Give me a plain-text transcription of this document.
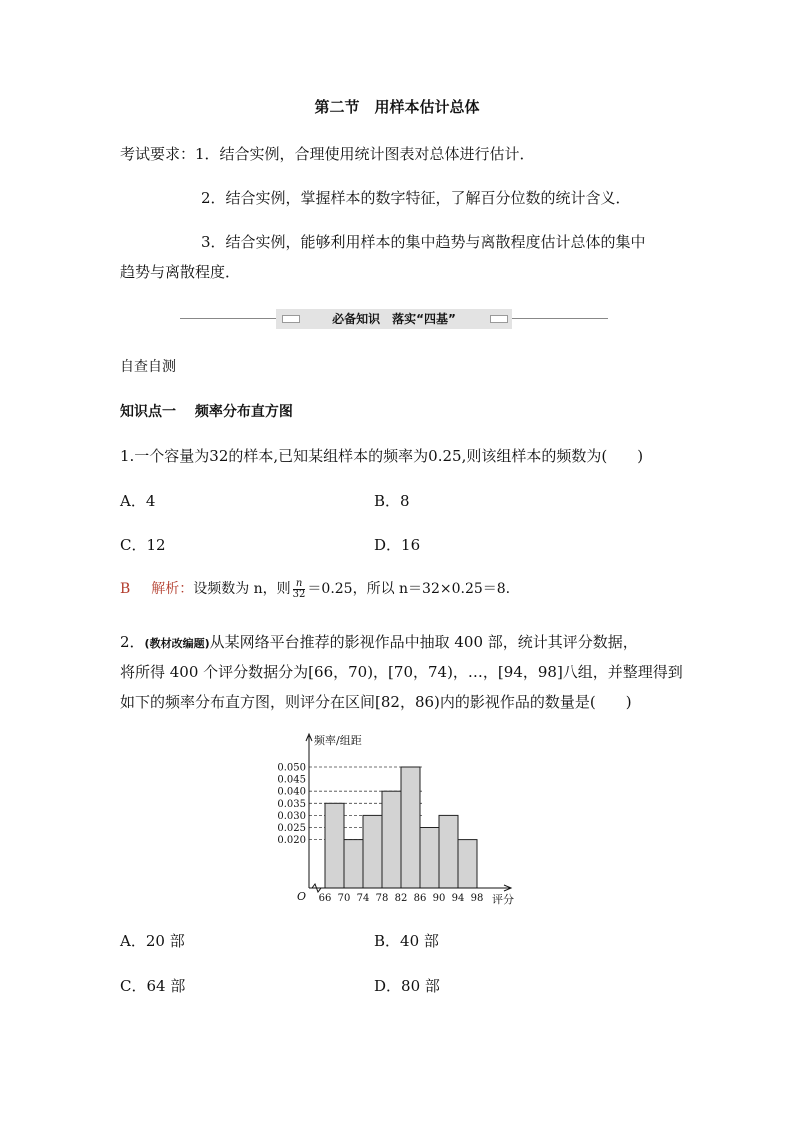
第二节　用样本估计总体
考试要求：1．结合实例，合理使用统计图表对总体进行估计．
2．结合实例，掌握样本的数字特征，了解百分位数的统计含义．
3．结合实例，能够利用样本的集中趋势与离散程度估计总体的集中
趋势与离散程度．
必备知识　落实“四基”
自查自测
知识点一　 频率分布直方图
1.一个容量为32的样本,已知某组样本的频率为0.25,则该组样本的频数为(　　)
A．4	B．8
C．12	D．16
B 解析：设频数为 n，则 $\frac{n}{32} =0.25$，所以 n＝32×0.25＝8.
2．(教材改编题)从某网络平台推荐的影视作品中抽取 400 部，统计其评分数据，
将所得 400 个评分数据分为[66，70)，[70，74)，…，[94，98]八组，并整理得到
如下的频率分布直方图，则评分在区间[82，86)内的影视作品的数量是(　　)
0.050
0.045
0.040
0.035
0.030
0.025
0.020
66 70 74 78 82 86 90 94 98
O
频率/组距
评分
A．20 部	B．40 部
C．64 部	D．80 部
